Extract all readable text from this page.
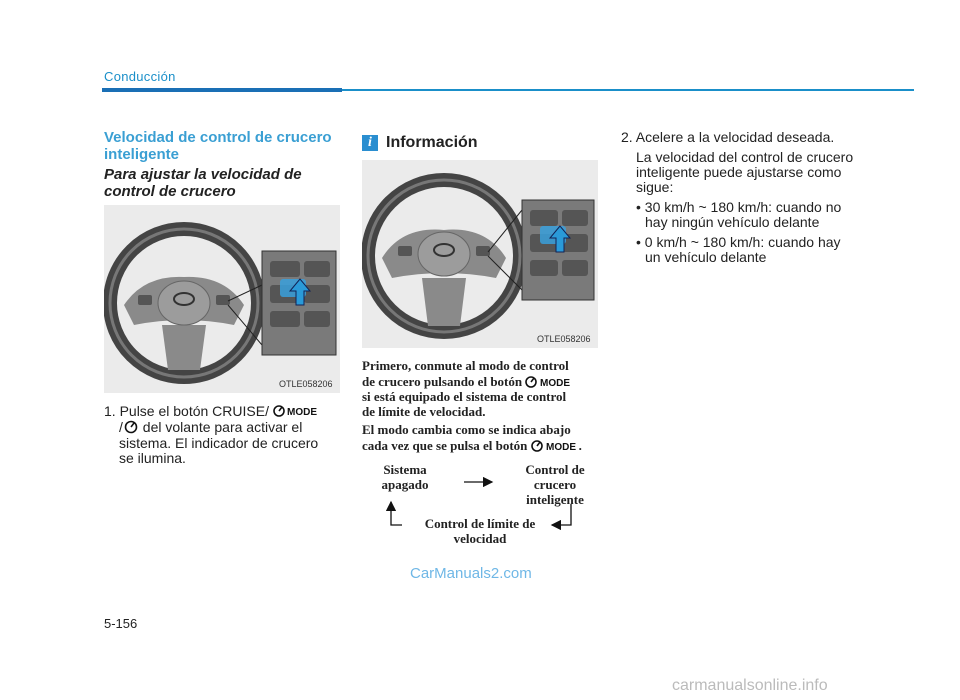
Conducción
Velocidad de control de crucero inteligente
Para ajustar la velocidad de control de crucero
OTLE058206
1. Pulse el botón CRUISE/ MODE
/ del volante para activar el
sistema. El indicador de crucero
se ilumina.
i Información
OTLE058206
Primero, conmute al modo de control
de crucero pulsando el botón MODE
si está equipado el sistema de control
de límite de velocidad.
El modo cambia como se indica abajo
cada vez que se pulsa el botón MODE .
Sistema
apagado
Control de
crucero
inteligente
Control de límite de
velocidad
2. Acelere a la velocidad deseada.
La velocidad del control de crucero
inteligente puede ajustarse como
sigue:
• 30 km/h ~ 180 km/h: cuando no
hay ningún vehículo delante
• 0 km/h ~ 180 km/h: cuando hay
un vehículo delante
CarManuals2.com
5-156
carmanualsonline.info
